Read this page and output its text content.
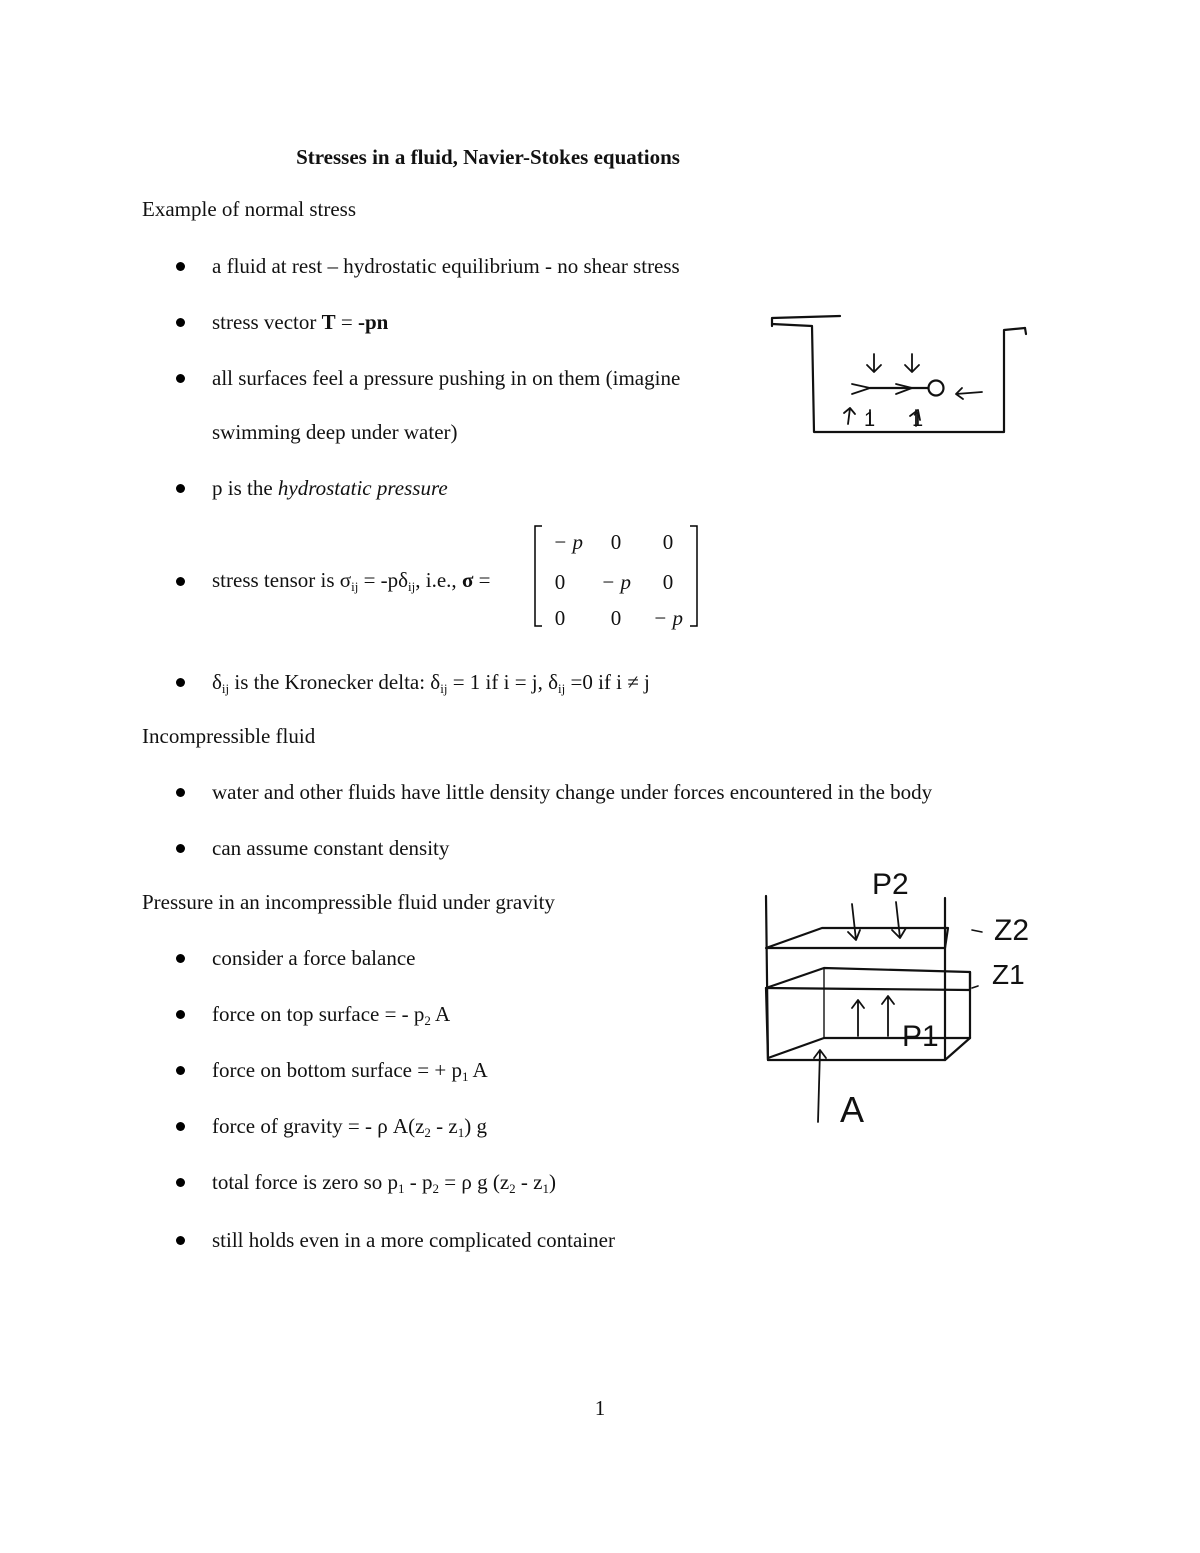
Stresses in a fluid, Navier-Stokes equations
Example of normal stress
a fluid at rest – hydrostatic equilibrium - no shear stress
stress vector T = -pn
all surfaces feel a pressure pushing in on them (imagine
swimming deep under water)
p is the hydrostatic pressure
stress tensor is $\sigma_{ij} = -p\delta_{ij}$, i.e., σ =
− p	0	0
0	− p	0
0	0	− p
$\delta_{ij}$ is the Kronecker delta: $\delta_{ij} = 1$ if i = j, $\delta_{ij} =0$ if i ≠ j
Incompressible fluid
water and other fluids have little density change under forces encountered in the body
can assume constant density
Pressure in an incompressible fluid under gravity
consider a force balance
force on top surface = - $p_2$ A
force on bottom surface = + $p_1$ A
force of gravity = - ρ $A(z_2 - z_1)$ g
total force is zero so $p_1 - p_2 = \rho$ g $(z_2 - z_1)$
still holds even in a more complicated container
1 1
P2
Z2
Z1
P1
A
1
